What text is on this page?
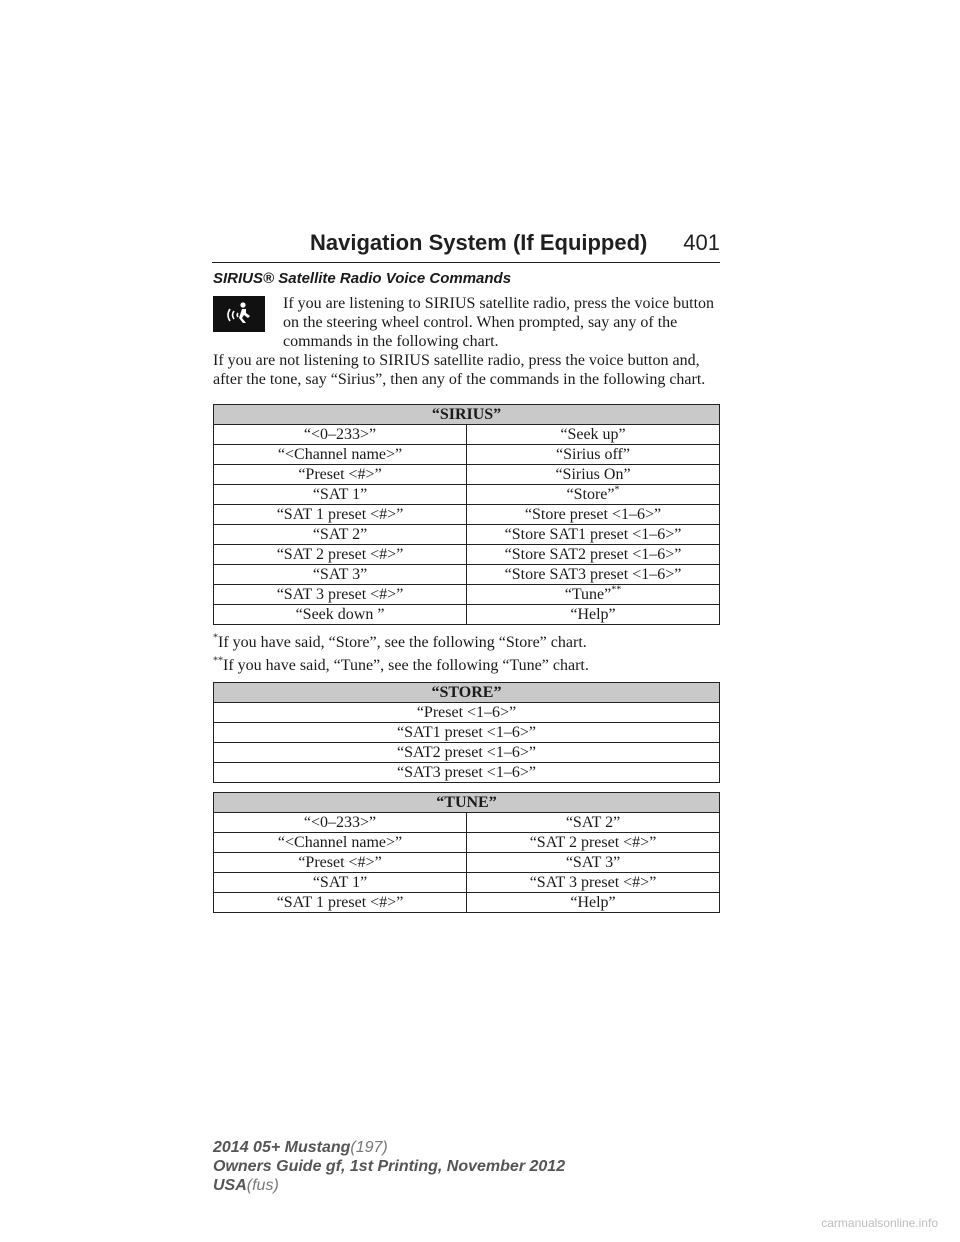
Navigation System (If Equipped) 401
SIRIUS® Satellite Radio Voice Commands

If you are listening to SIRIUS satellite radio, press the voice button on the steering wheel control. When prompted, say any of the commands in the following chart.

If you are not listening to SIRIUS satellite radio, press the voice button and, after the tone, say “Sirius”, then any of the commands in the following chart.

“SIRIUS”	
“<0–233>”	“Seek up”
“<Channel name>”	“Sirius off”
“Preset <#>”	“Sirius On”
“SAT 1”	“Store”*
“SAT 1 preset <#>”	“Store preset <1–6>”
“SAT 2”	“Store SAT1 preset <1–6>”
“SAT 2 preset <#>”	“Store SAT2 preset <1–6>”
“SAT 3”	“Store SAT3 preset <1–6>”
“SAT 3 preset <#>”	“Tune”**
“Seek down ”	“Help”

*If you have said, “Store”, see the following “Store” chart.

**If you have said, “Tune”, see the following “Tune” chart.

“STORE”
“Preset <1–6>”
“SAT1 preset <1–6>”
“SAT2 preset <1–6>”
“SAT3 preset <1–6>”
“TUNE”	
“<0–233>”	“SAT 2”
“<Channel name>”	“SAT 2 preset <#>”
“Preset <#>”	“SAT 3”
“SAT 1”	“SAT 3 preset <#>”
“SAT 1 preset <#>”	“Help”
2014 05+ Mustang(197)
Owners Guide gf, 1st Printing, November 2012
USA(fus)
carmanualsonline.info
